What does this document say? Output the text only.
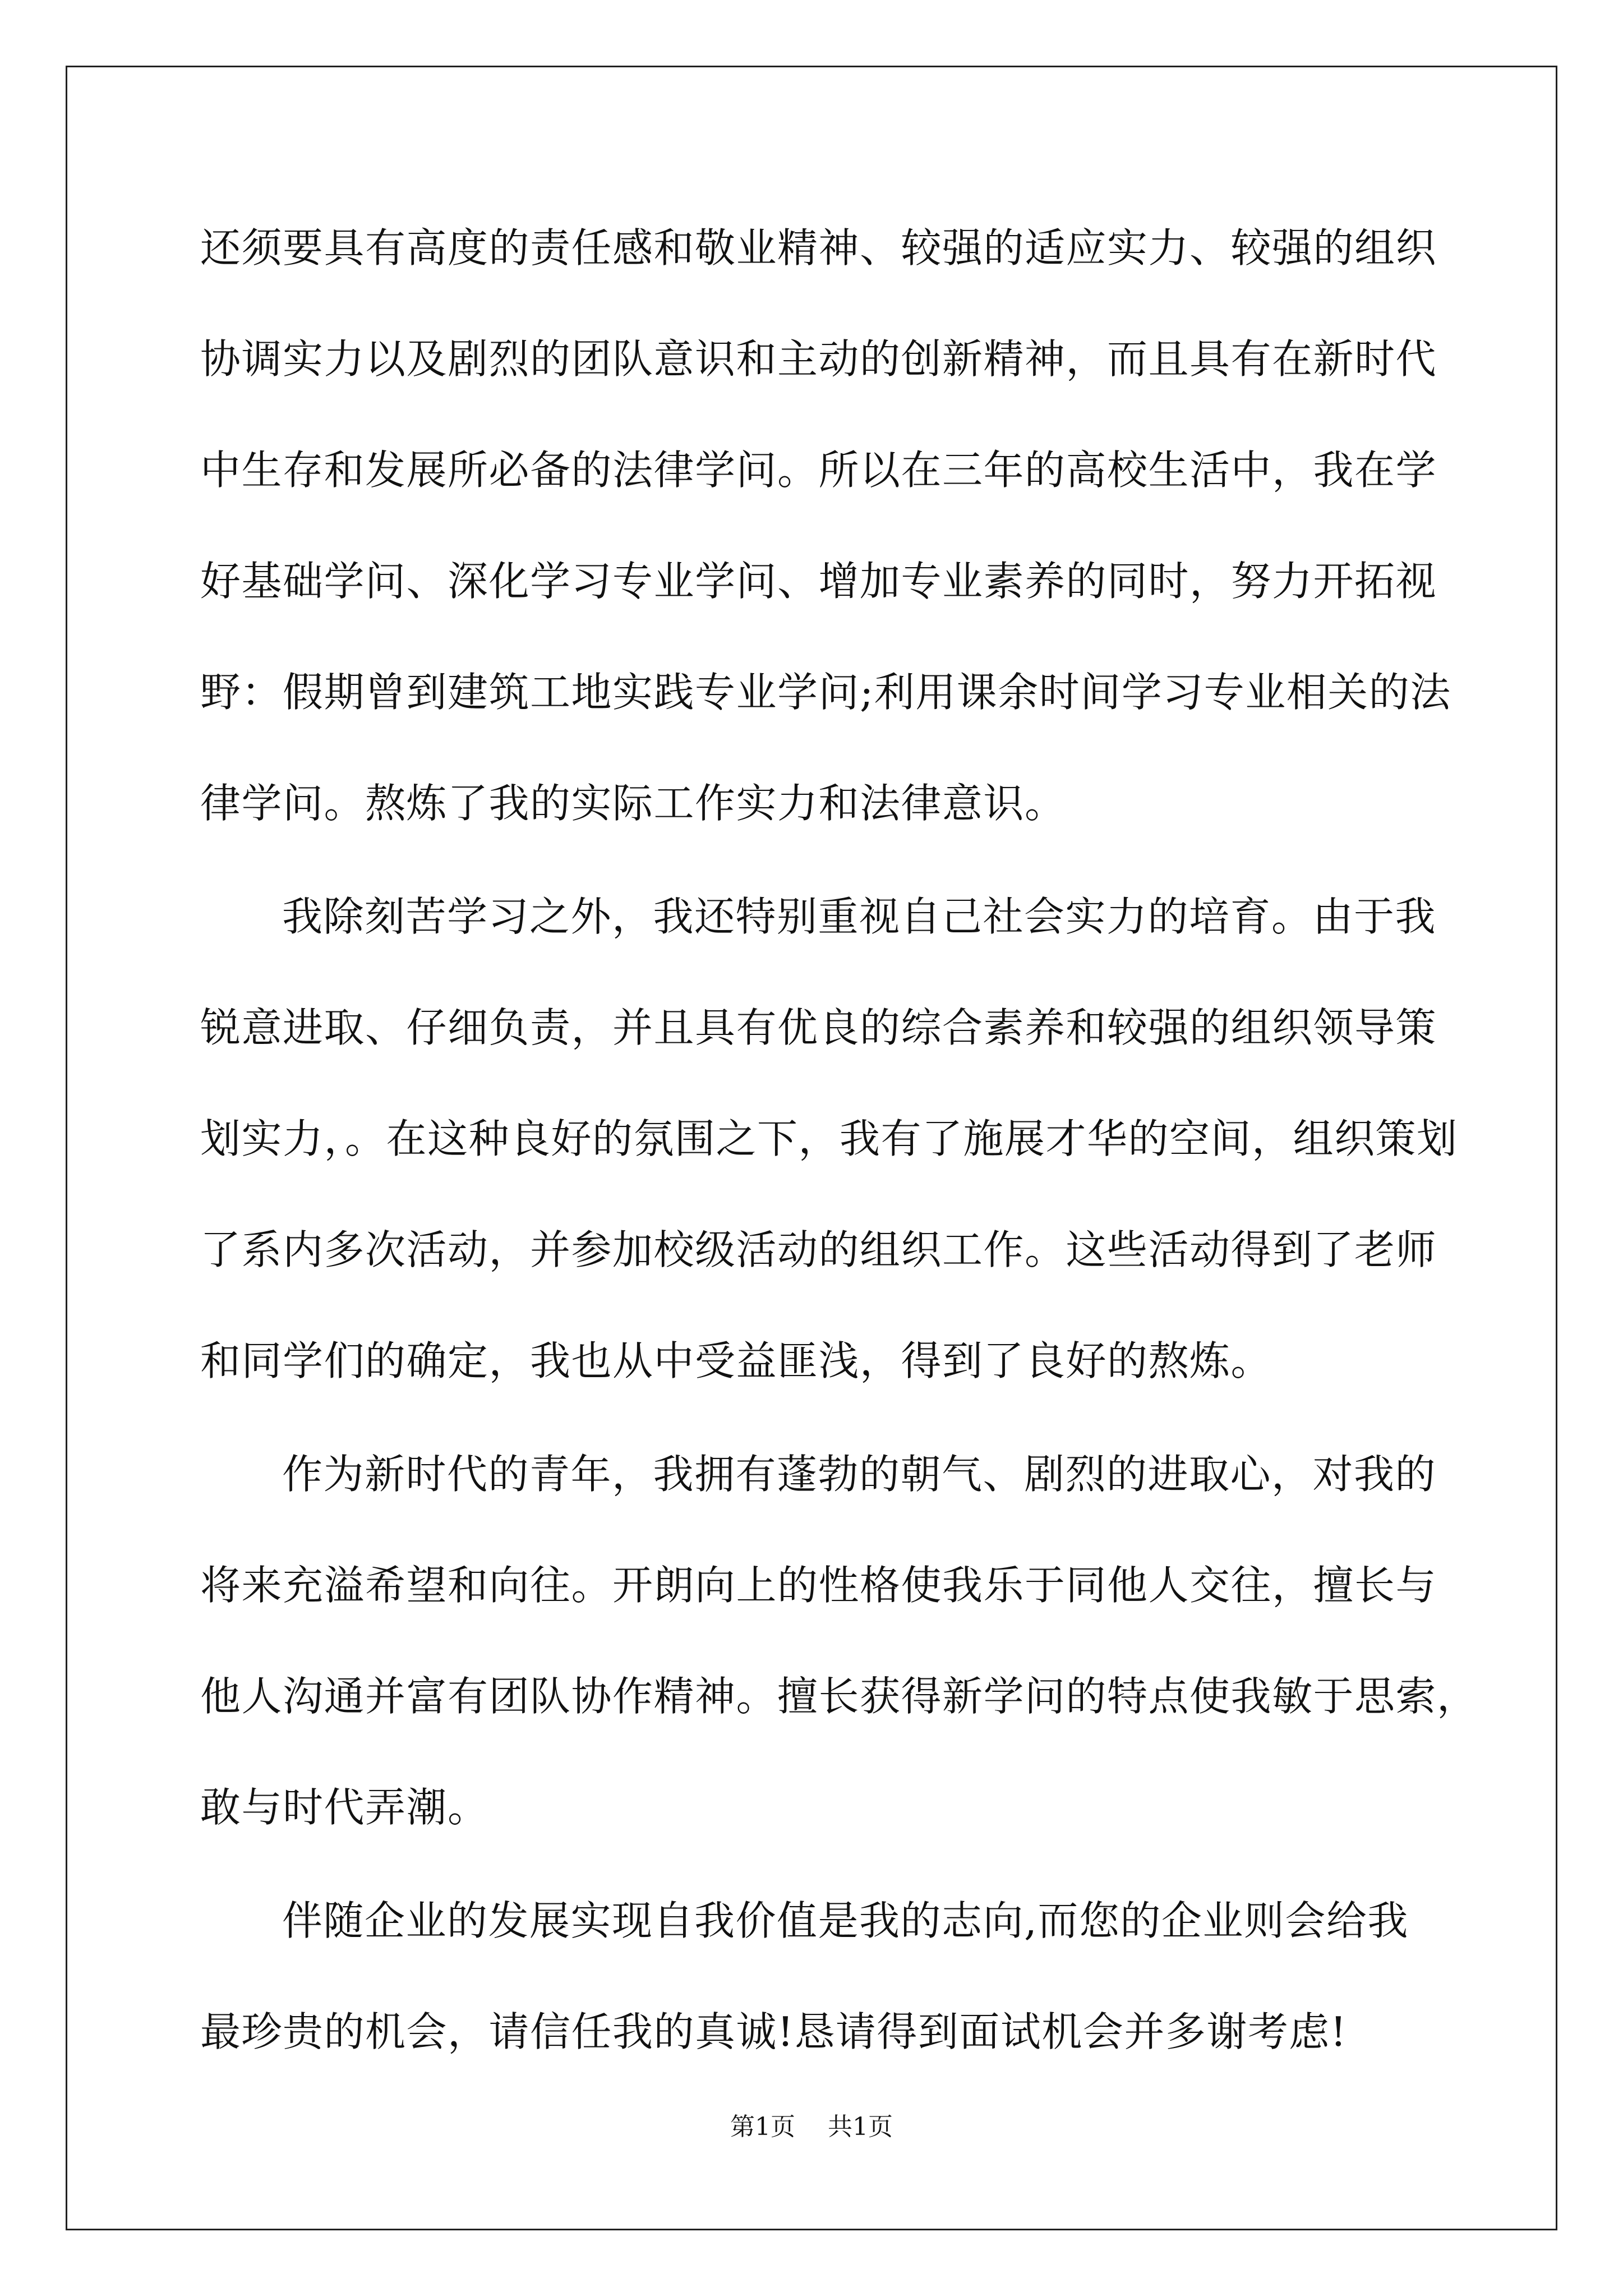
还须要具有高度的责任感和敬业精神、较强的适应实力、较强的组织
协调实力以及剧烈的团队意识和主动的创新精神，而且具有在新时代
中生存和发展所必备的法律学问。所以在三年的高校生活中，我在学
好基础学问、深化学习专业学问、增加专业素养的同时，努力开拓视
野：假期曾到建筑工地实践专业学问;利用课余时间学习专业相关的法
律学问。熬炼了我的实际工作实力和法律意识。
我除刻苦学习之外，我还特别重视自己社会实力的培育。由于我
锐意进取、仔细负责，并且具有优良的综合素养和较强的组织领导策
划实力，。在这种良好的氛围之下，我有了施展才华的空间，组织策划
了系内多次活动，并参加校级活动的组织工作。这些活动得到了老师
和同学们的确定，我也从中受益匪浅，得到了良好的熬炼。
作为新时代的青年，我拥有蓬勃的朝气、剧烈的进取心，对我的
将来充溢希望和向往。开朗向上的性格使我乐于同他人交往，擅长与
他人沟通并富有团队协作精神。擅长获得新学问的特点使我敏于思索，
敢与时代弄潮。
伴随企业的发展实现自我价值是我的志向,而您的企业则会给我
最珍贵的机会，请信任我的真诚!恳请得到面试机会并多谢考虑!
第1页 共1页
